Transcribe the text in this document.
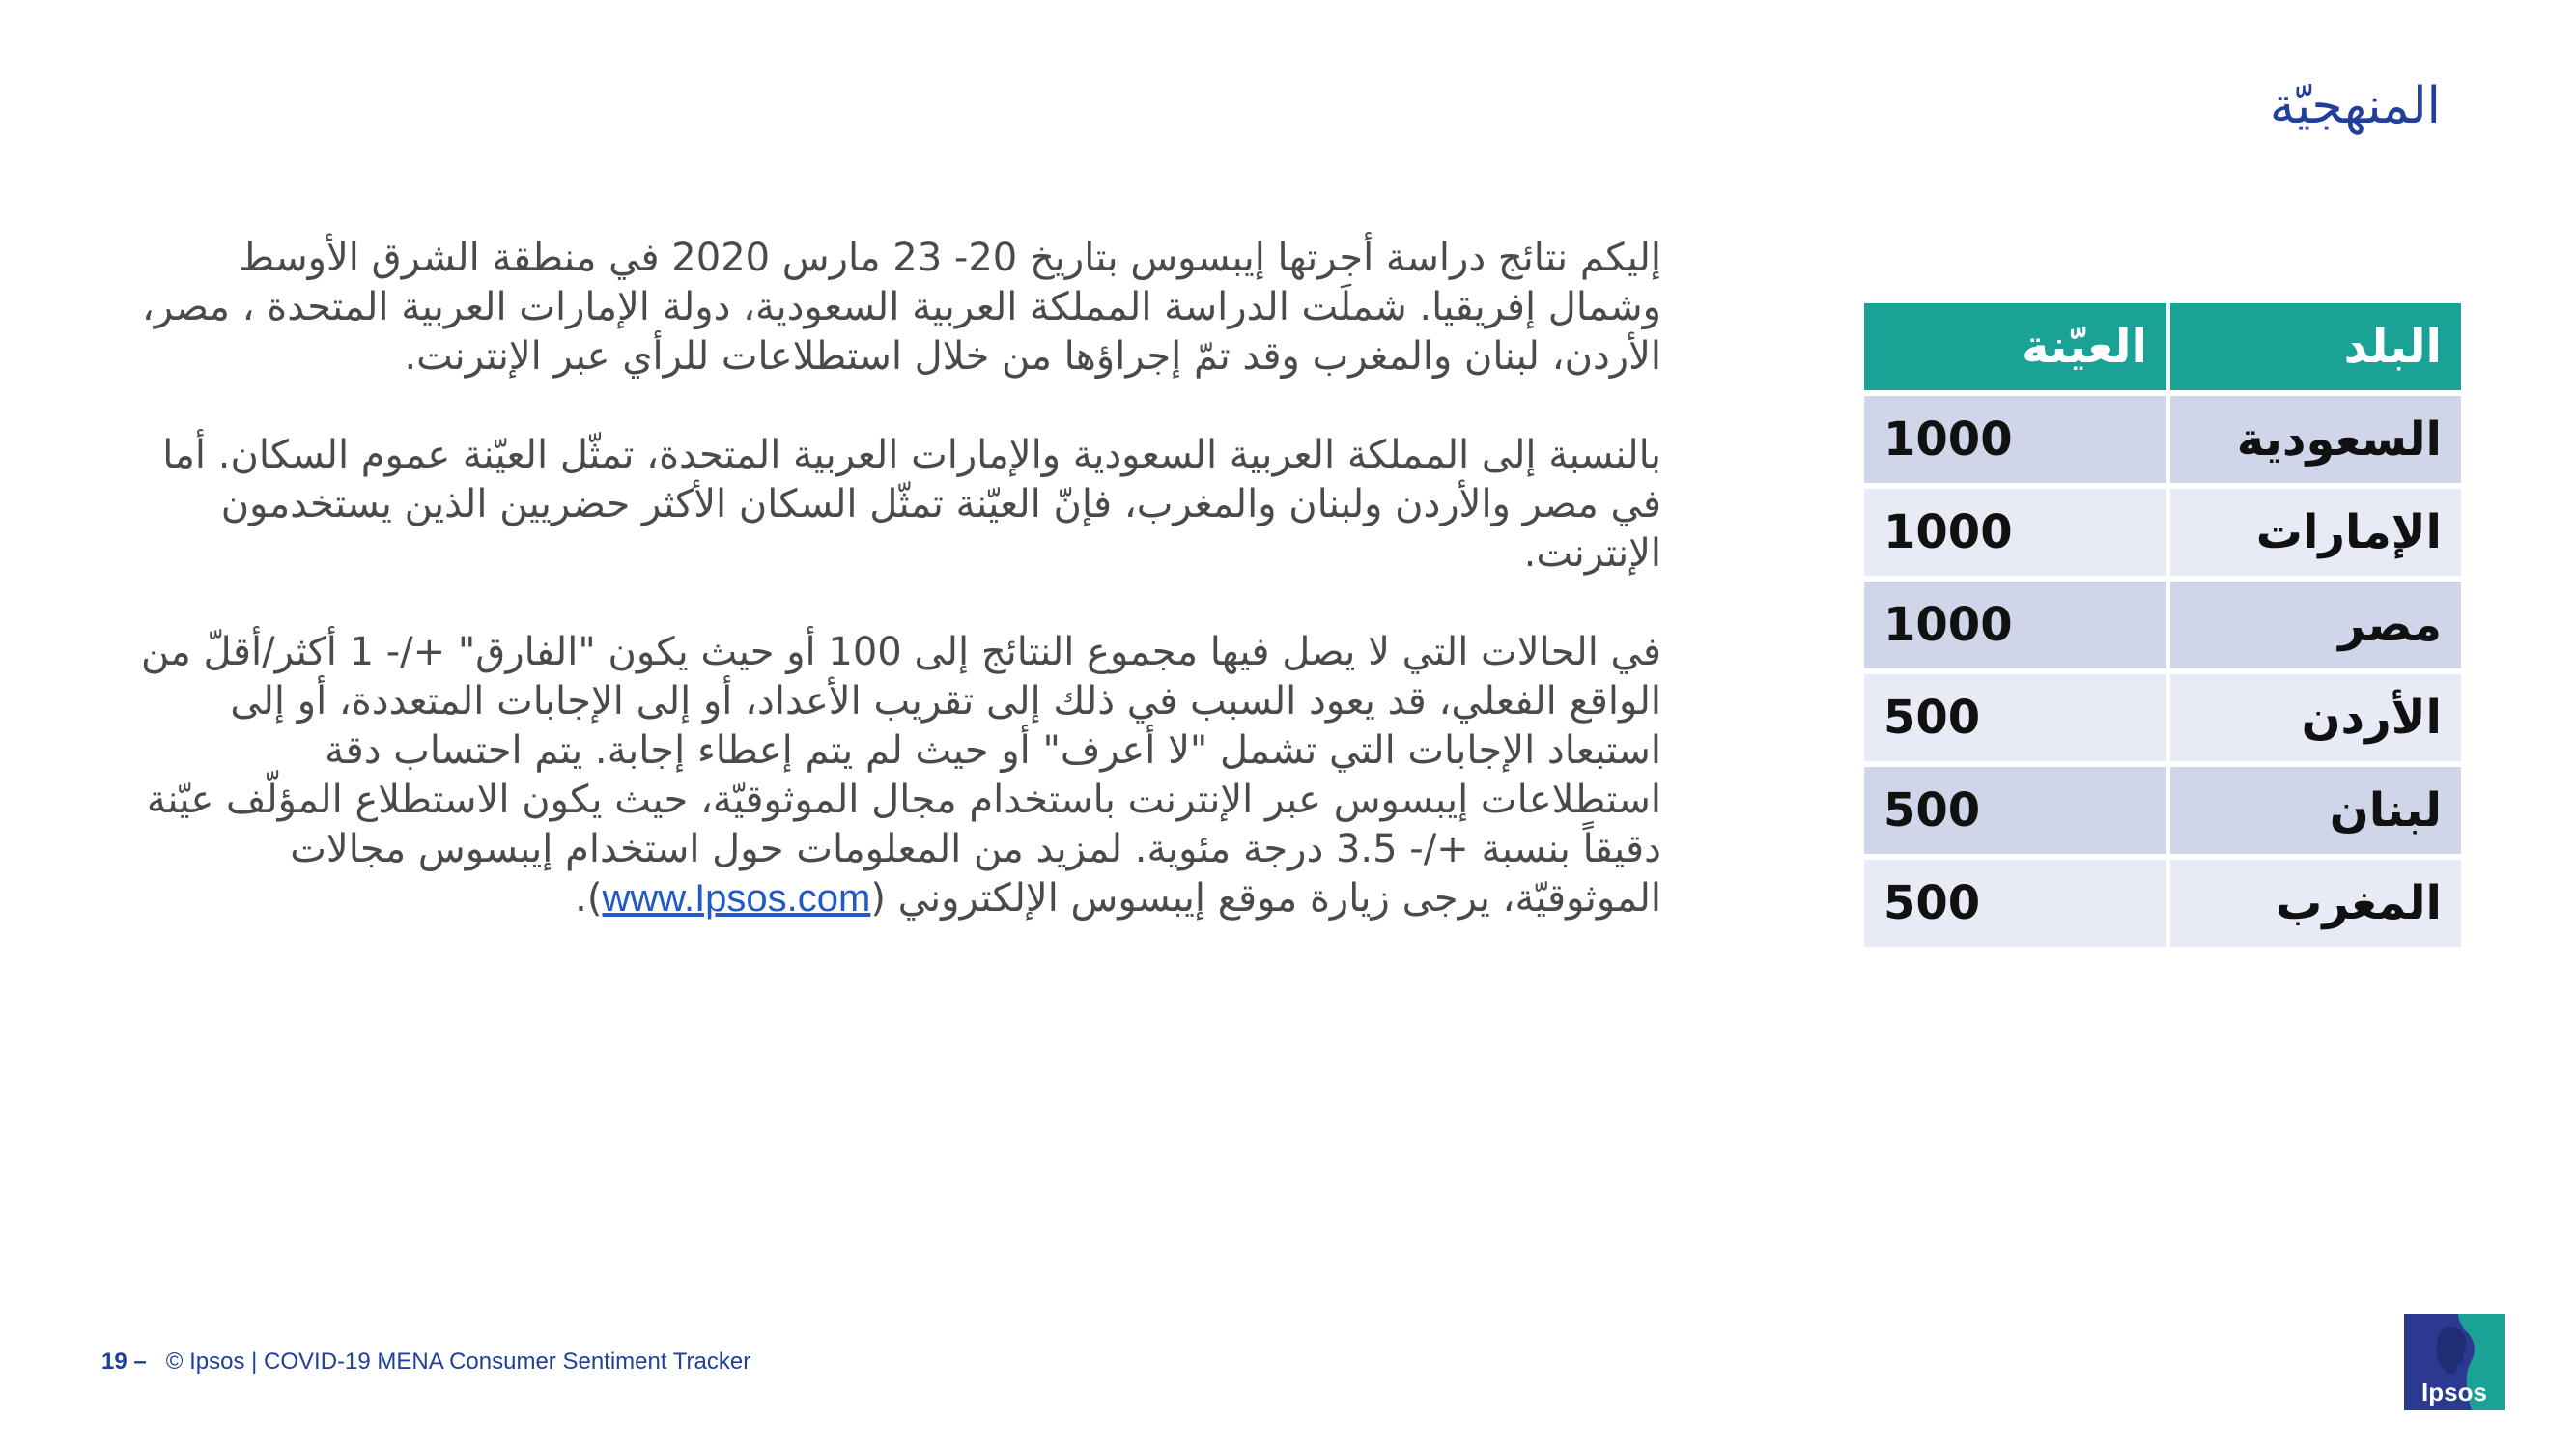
المنهجيّة

إليكم نتائج دراسة أجرتها إيبسوس بتاريخ 20- 23 مارس 2020 في منطقة الشرق الأوسط وشمال إفريقيا. شملَت الدراسة المملكة العربية السعودية، دولة الإمارات العربية المتحدة ، مصر، الأردن، لبنان والمغرب وقد تمّ إجراؤها من خلال استطلاعات للرأي عبر الإنترنت.

بالنسبة إلى المملكة العربية السعودية والإمارات العربية المتحدة، تمثّل العيّنة عموم السكان. أما في مصر والأردن ولبنان والمغرب، فإنّ العيّنة تمثّل السكان الأكثر حضريين الذين يستخدمون الإنترنت.

في الحالات التي لا يصل فيها مجموع النتائج إلى 100 أو حيث يكون "الفارق" +/- 1 أكثر/أقلّ من الواقع الفعلي، قد يعود السبب في ذلك إلى تقريب الأعداد، أو إلى الإجابات المتعددة، أو إلى استبعاد الإجابات التي تشمل "لا أعرف" أو حيث لم يتم إعطاء إجابة. يتم احتساب دقة استطلاعات إيبسوس عبر الإنترنت باستخدام مجال الموثوقيّة، حيث يكون الاستطلاع المؤلّف عيّنة دقيقاً بنسبة +/- 3.5 درجة مئوية. لمزيد من المعلومات حول استخدام إيبسوس مجالات الموثوقيّة، يرجى زيارة موقع إيبسوس الإلكتروني (www.Ipsos.com).

البلد	العيّنة
السعودية	1000
الإمارات	1000
مصر	1000
الأردن	500
لبنان	500
المغرب	500
19 – © Ipsos | COVID-19 MENA Consumer Sentiment Tracker
Ipsos
